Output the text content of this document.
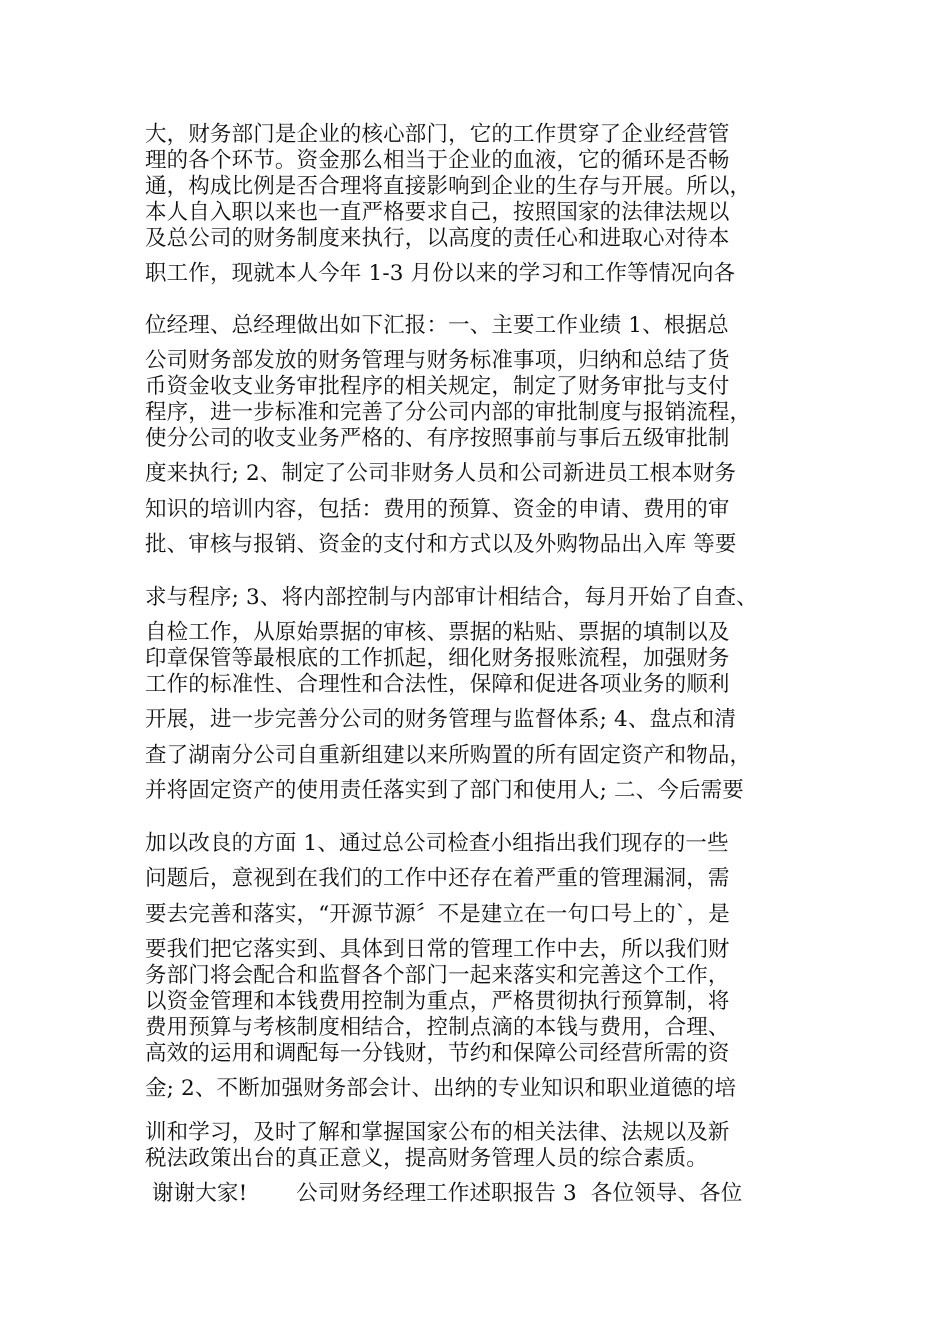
大，财务部门是企业的核心部门，它的工作贯穿了企业经营管
理的各个环节。资金那么相当于企业的血液，它的循环是否畅
通，构成比例是否合理将直接影响到企业的生存与开展。所以，
本人自入职以来也一直严格要求自己，按照国家的法律法规以
及总公司的财务制度来执行，以高度的责任心和进取心对待本
职工作，现就本人今年 1-3 月份以来的学习和工作等情况向各
位经理、总经理做出如下汇报：一、主要工作业绩 1、根据总
公司财务部发放的财务管理与财务标准事项，归纳和总结了货
币资金收支业务审批程序的相关规定，制定了财务审批与支付
程序，进一步标准和完善了分公司内部的审批制度与报销流程，
使分公司的收支业务严格的、有序按照事前与事后五级审批制
度来执行; 2、制定了公司非财务人员和公司新进员工根本财务
知识的培训内容，包括：费用的预算、资金的申请、费用的审
批、审核与报销、资金的支付和方式以及外购物品出入库 等要
求与程序; 3、将内部控制与内部审计相结合，每月开始了自查、
自检工作，从原始票据的审核、票据的粘贴、票据的填制以及
印章保管等最根底的工作抓起，细化财务报账流程，加强财务
工作的标准性、合理性和合法性，保障和促进各项业务的顺利
开展，进一步完善分公司的财务管理与监督体系; 4、盘点和清
查了湖南分公司自重新组建以来所购置的所有固定资产和物品，
并将固定资产的使用责任落实到了部门和使用人; 二、今后需要
加以改良的方面 1、通过总公司检查小组指出我们现存的一些
问题后，意视到在我们的工作中还存在着严重的管理漏洞，需
要去完善和落实，“开源节源〞不是建立在一句口号上的`，是
要我们把它落实到、具体到日常的管理工作中去，所以我们财
务部门将会配合和监督各个部门一起来落实和完善这个工作，
以资金管理和本钱费用控制为重点，严格贯彻执行预算制，将
费用预算与考核制度相结合，控制点滴的本钱与费用，合理、
高效的运用和调配每一分钱财，节约和保障公司经营所需的资
金; 2、不断加强财务部会计、出纳的专业知识和职业道德的培
训和学习，及时了解和掌握国家公布的相关法律、法规以及新
税法政策出台的真正意义，提高财务管理人员的综合素质。
谢谢大家!       公司财务经理工作述职报告 3  各位领导、各位
